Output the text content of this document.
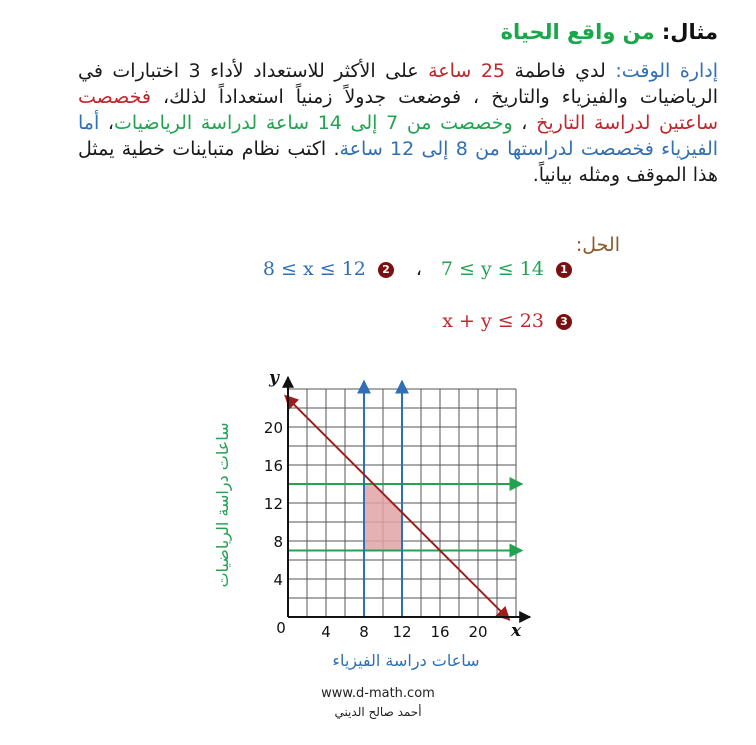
مثال: من واقع الحياة
إدارة الوقت: لدي فاطمة 25 ساعة على الأكثر للاستعداد لأداء 3 اختبارات في الرياضيات والفيزياء والتاريخ ، فوضعت جدولاً زمنياً استعداداً لذلك، فخصصت ساعتين لدراسة التاريخ ، وخصصت من 7 إلى 14 ساعة لدراسة الرياضيات، أما الفيزياء فخصصت لدراستها من 8 إلى 12 ساعة. اكتب نظام متباينات خطية يمثل هذا الموقف ومثله بيانياً.
الحل:
7 ≤ y ≤ 14 1
،
8 ≤ x ≤ 12 2
x + y ≤ 23 3
4 8 12 16 20
4
8
12
16
20
x
y
0
ساعات دراسة الفيزياء
ساعات دراسة الرياضيات
www.d-math.com
أحمد صالح الديني
